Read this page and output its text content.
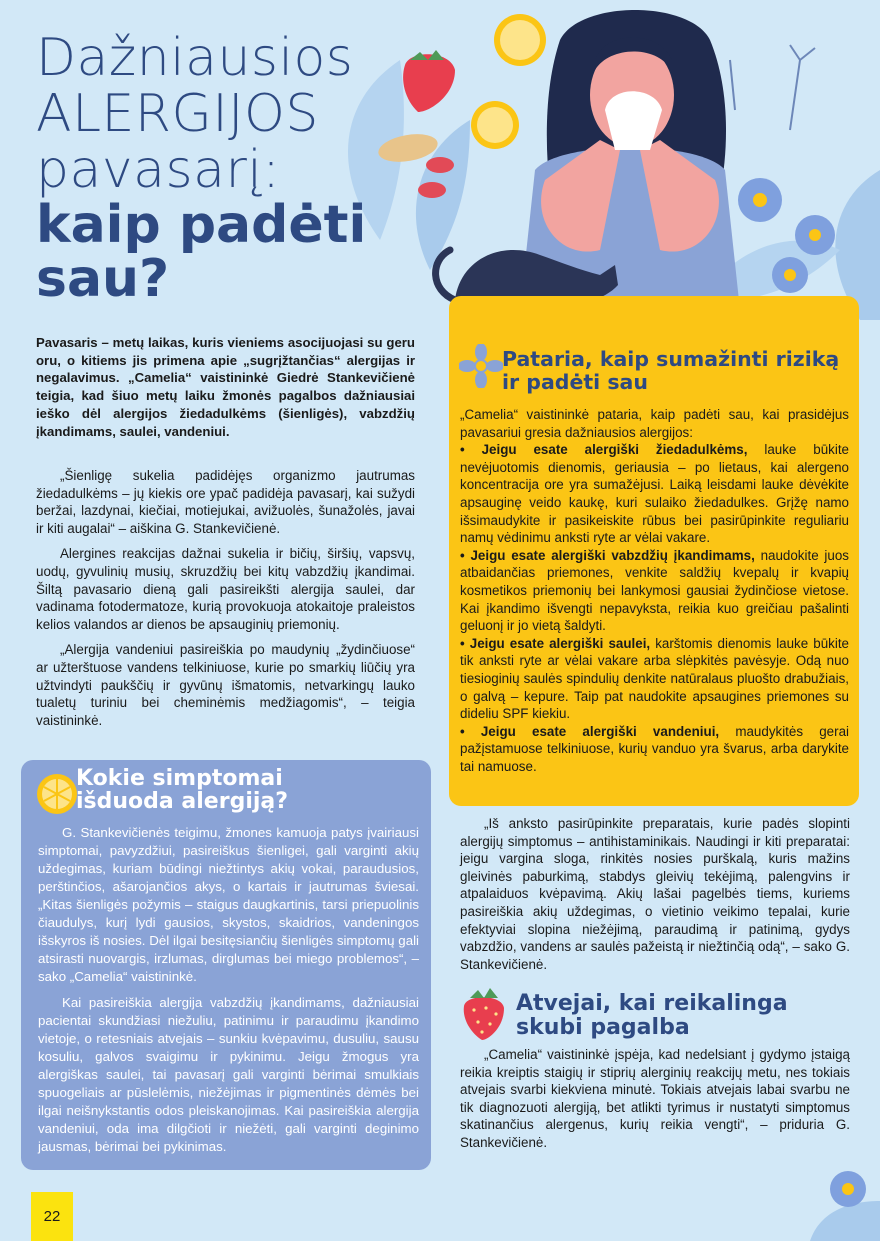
Dažniausios
ALERGIJOS
pavasarį:
kaip padėti
sau?
Pavasaris – metų laikas, kuris vieniems asocijuojasi su geru oru, o kitiems jis primena apie „sugrįžtančias“ alergijas ir negalavimus. „Camelia“ vaistininkė Giedrė Stankevičienė teigia, kad šiuo metų laiku žmonės pagalbos dažniausiai ieško dėl alergijos žiedadulkėms (šienligės), vabzdžių įkandimams, saulei, vandeniui.

„Šienligę sukelia padidėjęs organizmo jautrumas žiedadulkėms – jų kiekis ore ypač padidėja pavasarį, kai sužydi beržai, lazdynai, kiečiai, motiejukai, avižuolės, šunažolės, javai ir kiti augalai“ – aiškina G. Stankevičienė.

Alergines reakcijas dažnai sukelia ir bičių, širšių, vapsvų, uodų, gyvulinių musių, skruzdžių bei kitų vabzdžių įkandimai. Šiltą pavasario dieną gali pasireikšti alergija saulei, dar vadinama fotodermatoze, kurią provokuoja atokaitoje praleistos kelios valandos ar dienos be apsauginių priemonių.

„Alergija vandeniui pasireiškia po maudynių „žydinčiuose“ ar užterštuose vandens telkiniuose, kurie po smarkių liūčių yra užtvindyti paukščių ir gyvūnų išmatomis, netvarkingų lauko tualetų turiniu bei cheminėmis medžiagomis“, – teigia vaistininkė.

Kokie simptomai
išduoda alergiją?

G. Stankevičienės teigimu, žmones kamuoja patys įvairiausi simptomai, pavyzdžiui, pasireiškus šienligei, gali varginti akių uždegimas, kuriam būdingi niežtintys akių vokai, paraudusios, perštinčios, ašarojančios akys, o kartais ir jautrumas šviesai. „Kitas šienligės požymis – staigus daugkartinis, tarsi priepuolinis čiaudulys, kurį lydi gausios, skystos, skaidrios, vandeningos išskyros iš nosies. Dėl ilgai besitęsiančių šienligės simptomų gali atsirasti nuovargis, irzlumas, dirglumas bei miego problemos“, – sako „Camelia“ vaistininkė.

Kai pasireiškia alergija vabzdžių įkandimams, dažniausiai pacientai skundžiasi niežuliu, patinimu ir paraudimu įkandimo vietoje, o retesniais atvejais – sunkiu kvėpavimu, dusuliu, sausu kosuliu, galvos svaigimu ir pykinimu. Jeigu žmogus yra alergiškas saulei, tai pavasarį gali varginti bėrimai smulkiais spuogeliais ar pūslelėmis, niežėjimas ir pigmentinės dėmės bei ilgai neišnykstantis odos pleiskanojimas. Kai pasireiškia alergija vandeniui, oda ima dilgčioti ir niežėti, gali varginti deginimo jausmas, bėrimai bei pykinimas.

Pataria, kaip sumažinti riziką
ir padėti sau

„Camelia“ vaistininkė pataria, kaip padėti sau, kai prasidėjus pavasariui gresia dažniausios alergijos:

• Jeigu esate alergiški žiedadulkėms, lauke būkite nevėjuotomis dienomis, geriausia – po lietaus, kai alergeno koncentracija ore yra sumažėjusi. Laiką leisdami lauke dėvėkite apsauginę veido kaukę, kuri sulaiko žiedadulkes. Grįžę namo išsimaudykite ir pasikeiskite rūbus bei pasirūpinkite reguliariu namų vėdinimu anksti ryte ar vėlai vakare.

• Jeigu esate alergiški vabzdžių įkandimams, naudokite juos atbaidančias priemones, venkite saldžių kvepalų ir kvapių kosmetikos priemonių bei lankymosi gausiai žydinčiose vietose. Kai įkandimo išvengti nepavyksta, reikia kuo greičiau pašalinti geluonį ir jo vietą šaldyti.

• Jeigu esate alergiški saulei, karštomis dienomis lauke būkite tik anksti ryte ar vėlai vakare arba slėpkitės pavėsyje. Odą nuo tiesioginių saulės spindulių denkite natūralaus pluošto drabužiais, o galvą – kepure. Taip pat naudokite apsaugines priemones su dideliu SPF kiekiu.

• Jeigu esate alergiški vandeniui, maudykitės gerai pažįstamuose telkiniuose, kurių vanduo yra švarus, arba darykite tai namuose.

„Iš anksto pasirūpinkite preparatais, kurie padės slopinti alergijų simptomus – antihistaminikais. Naudingi ir kiti preparatai: jeigu vargina sloga, rinkitės nosies purškalą, kuris mažins gleivinės paburkimą, stabdys gleivių tekėjimą, palengvins ir atpalaiduos kvėpavimą. Akių lašai pagelbės tiems, kuriems pasireiškia akių uždegimas, o vietinio veikimo tepalai, kurie efektyviai slopina niežėjimą, paraudimą ir patinimą, gydys vabzdžio, vandens ar saulės pažeistą ir niežtinčią odą“, – sako G. Stankevičienė.

Atvejai, kai reikalinga
skubi pagalba

„Camelia“ vaistininkė įspėja, kad nedelsiant į gydymo įstaigą reikia kreiptis staigių ir stiprių alerginių reakcijų metu, nes tokiais atvejais svarbi kiekviena minutė. Tokiais atvejais labai svarbu ne tik diagnozuoti alergiją, bet atlikti tyrimus ir nustatyti simptomus skatinančius alergenus, kurių reikia vengti“, – priduria G. Stankevičienė.

22
